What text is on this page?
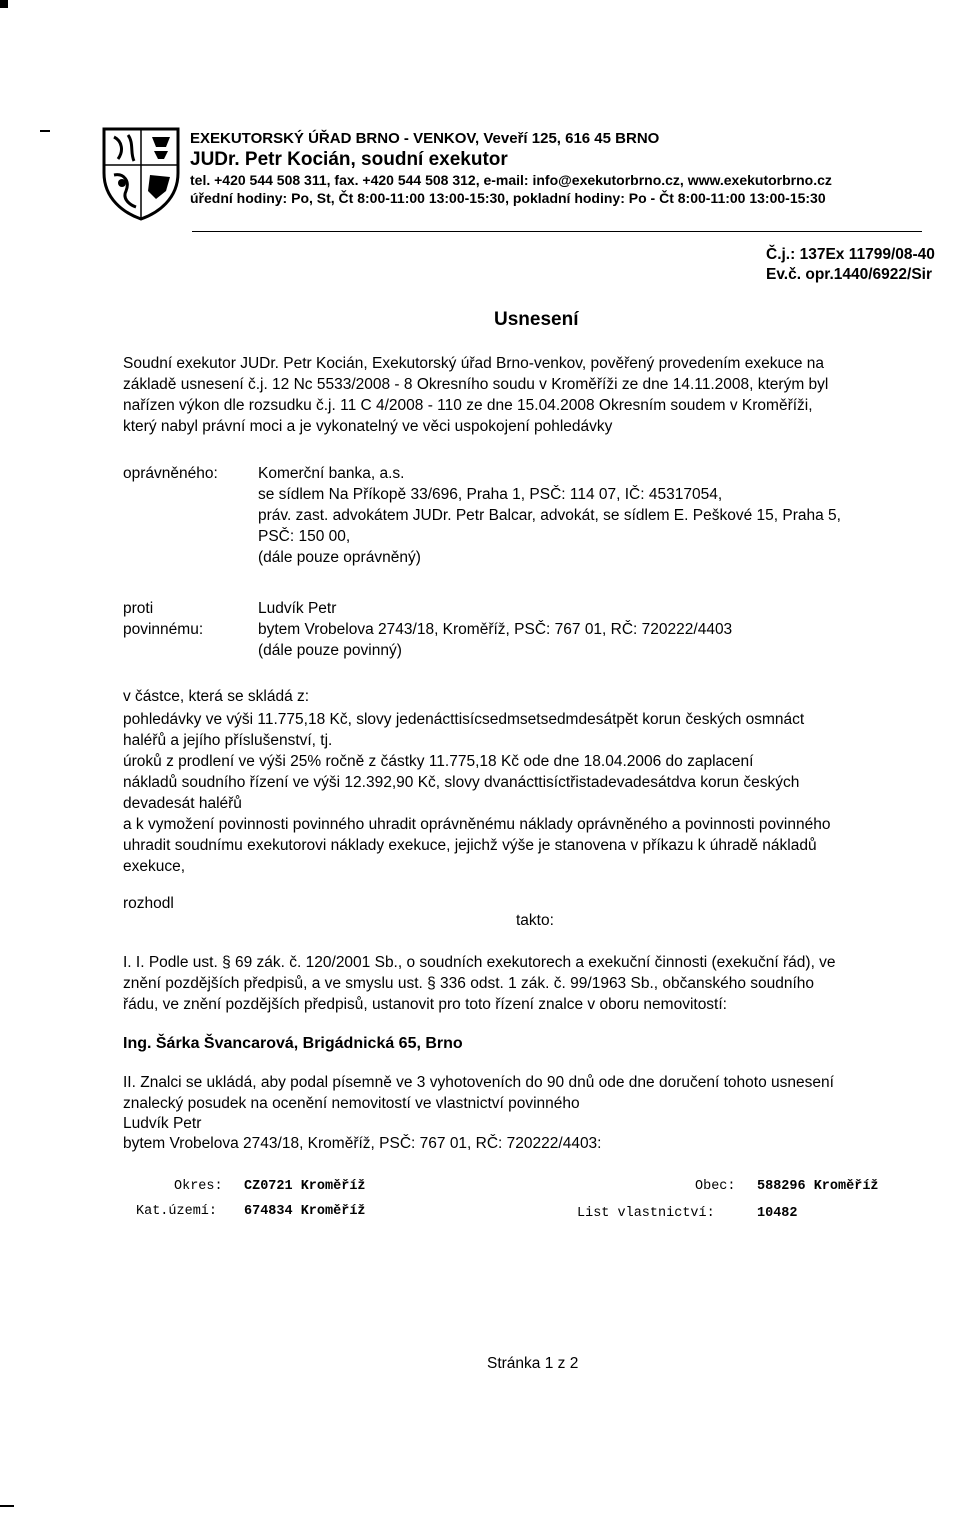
EXEKUTORSKÝ ÚŘAD BRNO - VENKOV, Veveří 125, 616 45 BRNO
JUDr. Petr Kocián, soudní exekutor
tel. +420 544 508 311, fax. +420 544 508 312, e-mail: info@exekutorbrno.cz, www.exekutorbrno.cz
úřední hodiny: Po, St, Čt 8:00-11:00 13:00-15:30, pokladní hodiny: Po - Čt 8:00-11:00 13:00-15:30
Č.j.: 137Ex 11799/08-40
Ev.č. opr.1440/6922/Sir
Usnesení
Soudní exekutor JUDr. Petr Kocián, Exekutorský úřad Brno-venkov, pověřený provedením exekuce na
základě usnesení č.j. 12 Nc 5533/2008 - 8 Okresního soudu v Kroměříži ze dne 14.11.2008, kterým byl
nařízen výkon dle rozsudku č.j. 11 C 4/2008 - 110 ze dne 15.04.2008 Okresním soudem v Kroměříži,
který nabyl právní moci a je vykonatelný ve věci uspokojení pohledávky
oprávněného:	Komerční banka, a.s.
se sídlem Na Příkopě 33/696, Praha 1, PSČ: 114 07, IČ: 45317054,
práv. zast. advokátem JUDr. Petr Balcar, advokát, se sídlem E. Peškové 15, Praha 5,
PSČ: 150 00,
(dále pouze oprávněný)
proti
povinnému:
Ludvík Petr
bytem Vrobelova 2743/18, Kroměříž, PSČ: 767 01, RČ: 720222/4403
(dále pouze povinný)
v částce, která se skládá z:
pohledávky ve výši 11.775,18 Kč, slovy jedenácttisícsedmsetsedmdesátpět korun českých osmnáct
haléřů a jejího příslušenství, tj.
úroků z prodlení ve výši 25% ročně z částky 11.775,18 Kč ode dne 18.04.2006 do zaplacení
nákladů soudního řízení ve výši 12.392,90 Kč, slovy dvanácttisíctřistadevadesátdva korun českých
devadesát haléřů
a k vymožení povinnosti povinného uhradit oprávněnému náklady oprávněného a povinnosti povinného
uhradit soudnímu exekutorovi náklady exekuce, jejichž výše je stanovena v příkazu k úhradě nákladů
exekuce,
rozhodl
takto:
I. I. Podle ust. § 69 zák. č. 120/2001 Sb., o soudních exekutorech a exekuční činnosti (exekuční řád), ve
znění pozdějších předpisů, a ve smyslu ust. § 336 odst. 1 zák. č. 99/1963 Sb., občanského soudního
řádu, ve znění pozdějších předpisů, ustanovit pro toto řízení znalce v oboru nemovitostí:
Ing. Šárka Švancarová, Brigádnická 65, Brno
II. Znalci se ukládá, aby podal písemně ve 3 vyhotoveních do 90 dnů ode dne doručení tohoto usnesení
znalecký posudek na ocenění nemovitostí ve vlastnictví povinného
Ludvík Petr
bytem Vrobelova 2743/18, Kroměříž, PSČ: 767 01, RČ: 720222/4403:
Okres: CZ0721 Kroměříž	Obec: 588296 Kroměříž
Kat.území: 674834 Kroměříž	List vlastnictví:	10482
Stránka 1 z 2
